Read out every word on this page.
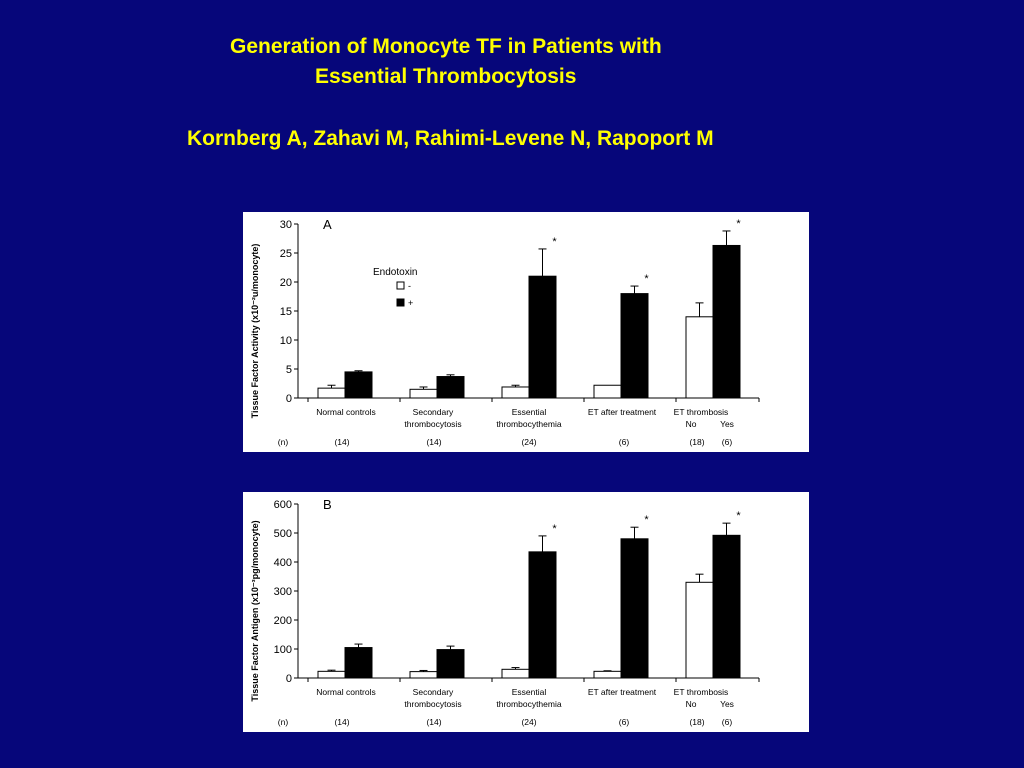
Generation of Monocyte TF in Patients with
Essential Thrombocytosis
Kornberg A, Zahavi M, Rahimi-Levene N, Rapoport M
0
5
10
15
20
25
30
Tissue Factor Activity (x10⁻²u/monocyte)
A
*
*
*
Endotoxin
-
+
Normal controls
(14)
Secondary
thrombocytosis
(14)
Essential
thrombocythemia
(24)
ET after treatment
(6)
ET thrombosis
No
(18)
Yes
(6)
(n)
0
100
200
300
400
500
600
Tissue Factor Antigen (x10⁻³pg/monocyte)
B
*
*	*
Normal controls
(14)
Secondary
thrombocytosis
(14)
Essential
thrombocythemia
(24)
ET after treatment
(6)
ET thrombosis
No
(18)
Yes
(6)
(n)
